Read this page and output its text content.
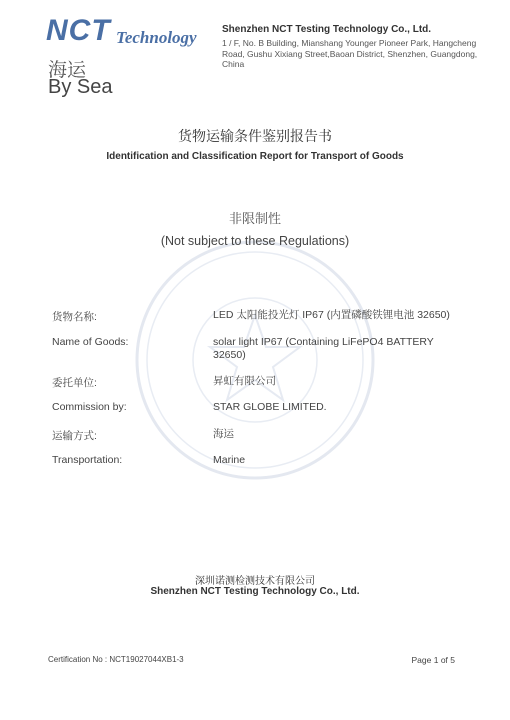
NCT Technology
海运
By Sea

Shenzhen NCT Testing Technology Co., Ltd.

1 / F, No. B Building, Mianshang Younger Pioneer Park, Hangcheng Road, Gushu Xixiang Street,Baoan District, Shenzhen, Guangdong, China

货物运输条件鉴别报告书
Identification and Classification Report for Transport of Goods
非限制性
(Not subject to these Regulations)
货物名称:	LED 太阳能投光灯 IP67 (内置磷酸铁锂电池 32650)
Name of Goods:	solar light IP67 (Containing LiFePO4 BATTERY 32650)
委托单位:	昇虹有限公司
Commission by:	STAR GLOBE LIMITED.
运输方式:	海运
Transportation:	Marine
深圳诺测检测技术有限公司
Shenzhen NCT Testing Technology Co., Ltd.
Certification No : NCT19027044XB1-3	Page 1 of 5
